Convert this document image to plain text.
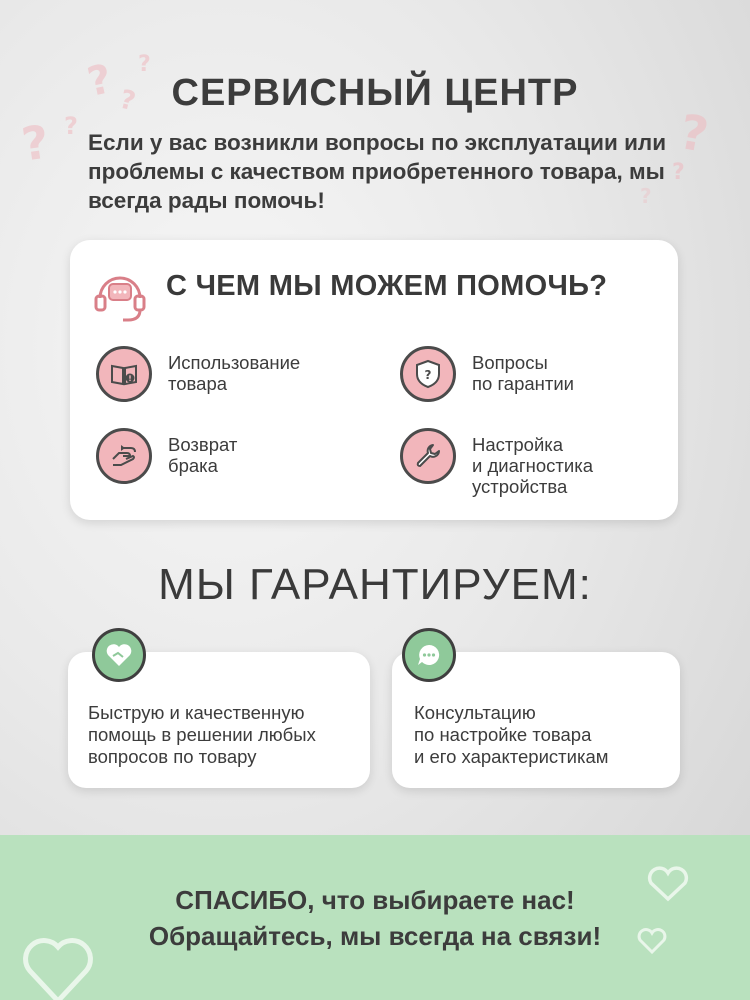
? ?
?
? ?	?
?
?
СЕРВИСНЫЙ ЦЕНТР

Если у вас возникли вопросы по эксплуатации или проблемы с качеством приобретенного товара, мы всегда рады помочь!

С ЧЕМ МЫ МОЖЕМ ПОМОЧЬ?
Использование
товара	?
Вопросы
по гарантии
Возврат
брака
Настройка
и диагностика
устройства
МЫ ГАРАНТИРУЕМ:
Быструю и качественную
помощь в решении любых
вопросов по товару
Консультацию
по настройке товара
и его характеристикам
СПАСИБО, что выбираете нас!
Обращайтесь, мы всегда на связи!
